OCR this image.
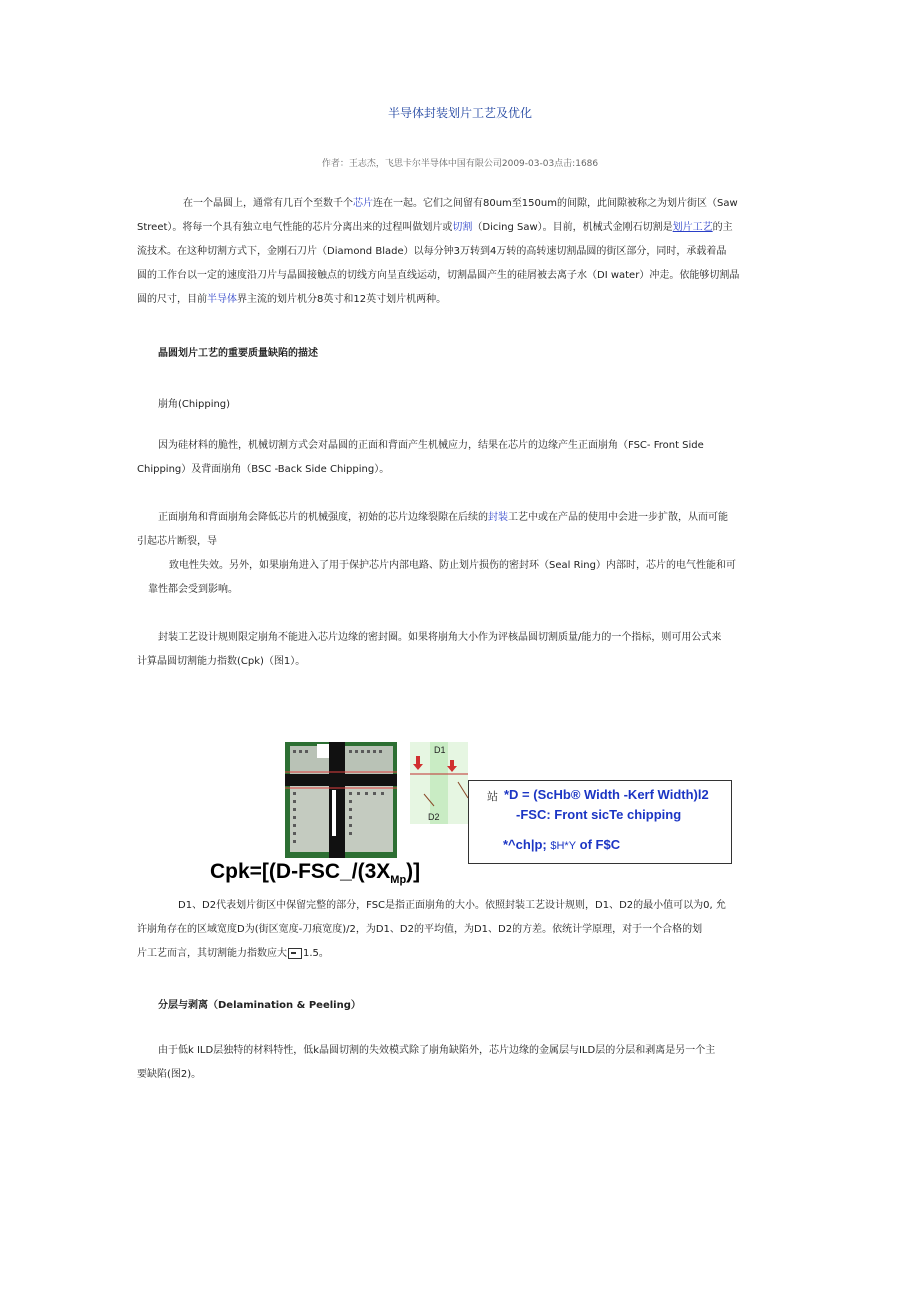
半导体封装划片工艺及优化
作者：王志杰，飞思卡尔半导体中国有限公司2009-03-03点击:1686
在一个晶圆上，通常有几百个至数千个芯片连在一起。它们之间留有80um至150um的间隙，此间隙被称之为划片街区（Saw
Street）。将每一个具有独立电气性能的芯片分离出来的过程叫做划片或切割（Dicing Saw）。目前，机械式金刚石切割是划片工艺的主
流技术。在这种切割方式下，金刚石刀片（Diamond Blade）以每分钟3万转到4万转的高转速切割晶圆的街区部分，同时，承载着晶
圆的工作台以一定的速度沿刀片与晶圆接触点的切线方向呈直线运动，切割晶圆产生的硅屑被去离子水（DI water）冲走。依能够切割晶
圆的尺寸，目前半导体界主流的划片机分8英寸和12英寸划片机两种。
晶圆划片工艺的重要质量缺陷的描述
崩角(Chipping)
因为硅材料的脆性，机械切割方式会对晶圆的正面和背面产生机械应力，结果在芯片的边缘产生正面崩角（FSC- Front Side
Chipping）及背面崩角（BSC -Back Side Chipping）。
正面崩角和背面崩角会降低芯片的机械强度，初始的芯片边缘裂隙在后续的封装工艺中或在产品的使用中会进一步扩散，从而可能
引起芯片断裂，导
致电性失效。另外，如果崩角进入了用于保护芯片内部电路、防止划片损伤的密封环（Seal Ring）内部时，芯片的电气性能和可
靠性都会受到影响。
封装工艺设计规则限定崩角不能进入芯片边缘的密封圈。如果将崩角大小作为评核晶圆切割质量/能力的一个指标，则可用公式来
计算晶圆切割能力指数(Cpk)（图1）。
D1
D2
站 *D = (ScHb® Width -Kerf Width)l2
-FSC: Front sicTe chipping
*^ch|p; $H*Y of F$C
$Cpk=[(D-FSC\_/(3X_{Mp})]$
D1、D2代表划片街区中保留完整的部分，FSC是指正面崩角的大小。依照封装工艺设计规则，D1、D2的最小值可以为0, 允
许崩角存在的区域宽度D为(街区宽度-刀痕宽度)/2，为D1、D2的平均值，为D1、D2的方差。依统计学原理，对于一个合格的划
片工艺而言，其切割能力指数应大 1.5。
分层与剥离（Delamination & Peeling）
由于低k ILD层独特的材料特性，低k晶圆切割的失效模式除了崩角缺陷外，芯片边缘的金属层与ILD层的分层和剥离是另一个主
要缺陷(图2)。
